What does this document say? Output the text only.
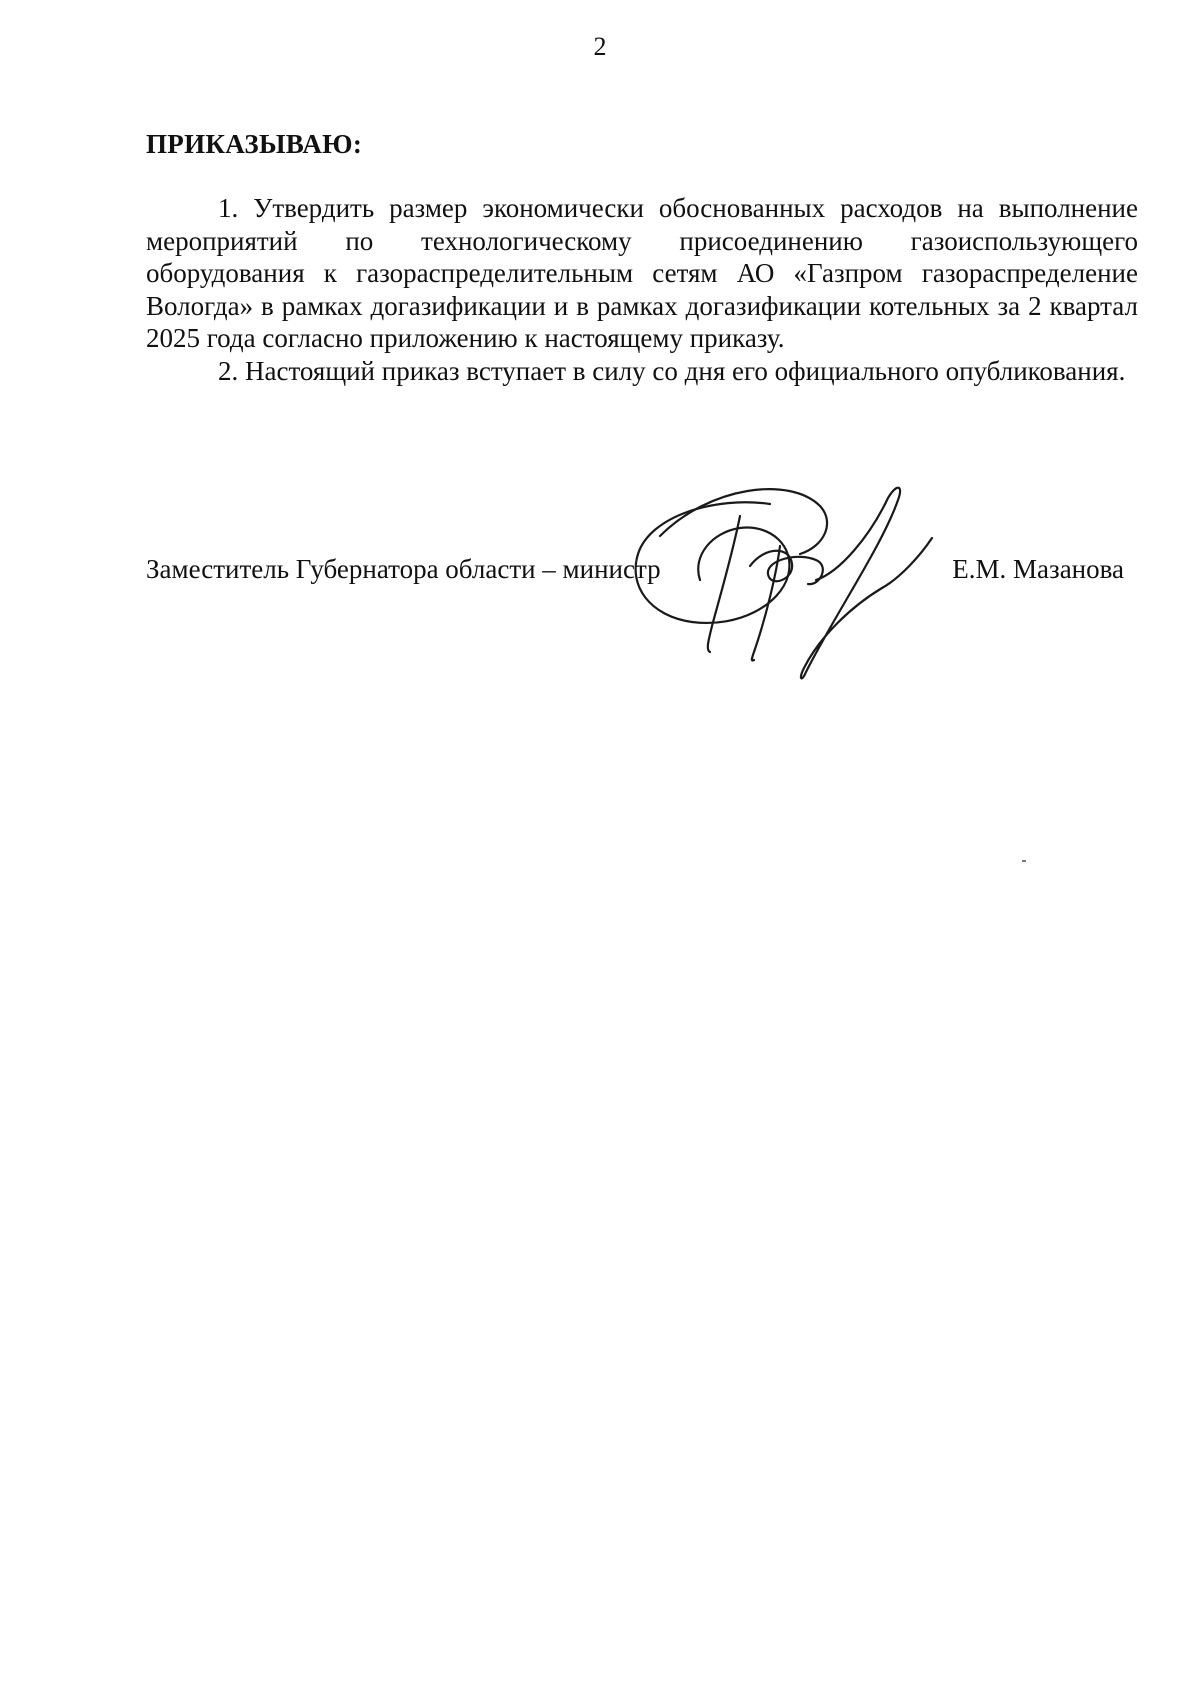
2
ПРИКАЗЫВАЮ:

1. Утвердить размер экономически обоснованных расходов на выполнение мероприятий по технологическому присоединению газоиспользующего оборудования к газораспределительным сетям АО «Газпром газораспределение Вологда» в рамках догазификации и в рамках догазификации котельных за 2 квартал 2025 года согласно приложению к настоящему приказу.

2. Настоящий приказ вступает в силу со дня его официального опубликования.

Заместитель Губернатора области – министр	Е.М. Мазанова
